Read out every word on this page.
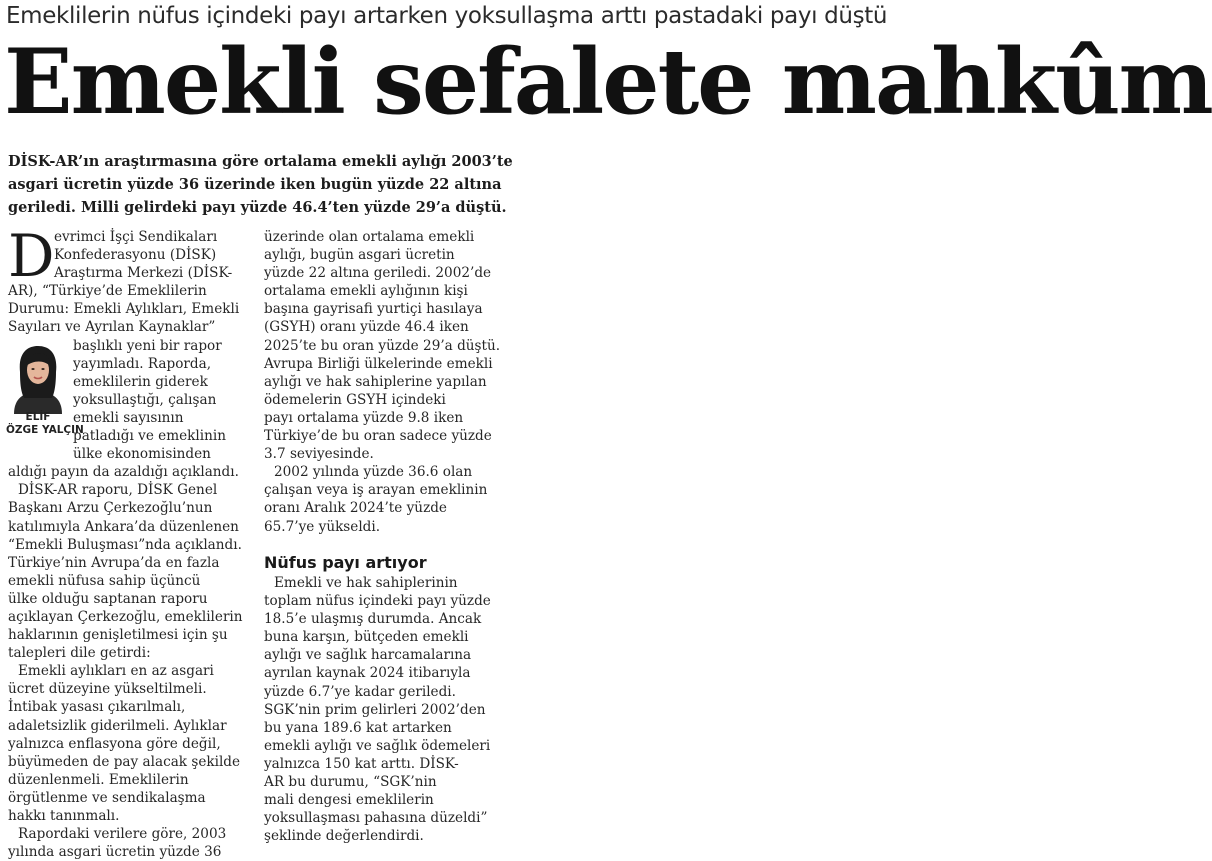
Emeklilerin nüfus içindeki payı artarken yoksullaşma arttı pastadaki payı düştü
Emekli sefalete mahkûm
DİSK-AR’ın araştırmasına göre ortalama emekli aylığı 2003’te
asgari ücretin yüzde 36 üzerinde iken bugün yüzde 22 altına
geriledi. Milli gelirdeki payı yüzde 46.4’ten yüzde 29’a düştü.
D
ELİF
ÖZGE YALÇIN
evrimci İşçi Sendikaları
Konfederasyonu (DİSK)
Araştırma Merkezi (DİSK-
AR), “Türkiye’de Emeklilerin
Durumu: Emekli Aylıkları, Emekli
Sayıları ve Ayrılan Kaynaklar”
başlıklı yeni bir rapor
yayımladı. Raporda,
emeklilerin giderek
yoksullaştığı, çalışan
emekli sayısının
patladığı ve emeklinin
ülke ekonomisinden
aldığı payın da azaldığı açıklandı.
DİSK-AR raporu, DİSK Genel
Başkanı Arzu Çerkezoğlu’nun
katılımıyla Ankara’da düzenlenen
“Emekli Buluşması”nda açıklandı.
Türkiye’nin Avrupa’da en fazla
emekli nüfusa sahip üçüncü
ülke olduğu saptanan raporu
açıklayan Çerkezoğlu, emeklilerin
haklarının genişletilmesi için şu
talepleri dile getirdi:
Emekli aylıkları en az asgari
ücret düzeyine yükseltilmeli.
İntibak yasası çıkarılmalı,
adaletsizlik giderilmeli. Aylıklar
yalnızca enflasyona göre değil,
büyümeden de pay alacak şekilde
düzenlenmeli. Emeklilerin
örgütlenme ve sendikalaşma
hakkı tanınmalı.
Rapordaki verilere göre, 2003
yılında asgari ücretin yüzde 36
üzerinde olan ortalama emekli
aylığı, bugün asgari ücretin
yüzde 22 altına geriledi. 2002’de
ortalama emekli aylığının kişi
başına gayrisafi yurtiçi hasılaya
(GSYH) oranı yüzde 46.4 iken
2025’te bu oran yüzde 29’a düştü.
Avrupa Birliği ülkelerinde emekli
aylığı ve hak sahiplerine yapılan
ödemelerin GSYH içindeki
payı ortalama yüzde 9.8 iken
Türkiye’de bu oran sadece yüzde
3.7 seviyesinde.
2002 yılında yüzde 36.6 olan
çalışan veya iş arayan emeklinin
oranı Aralık 2024’te yüzde
65.7’ye yükseldi.
Nüfus payı artıyor
Emekli ve hak sahiplerinin
toplam nüfus içindeki payı yüzde
18.5’e ulaşmış durumda. Ancak
buna karşın, bütçeden emekli
aylığı ve sağlık harcamalarına
ayrılan kaynak 2024 itibarıyla
yüzde 6.7’ye kadar geriledi.
SGK’nin prim gelirleri 2002’den
bu yana 189.6 kat artarken
emekli aylığı ve sağlık ödemeleri
yalnızca 150 kat arttı. DİSK-
AR bu durumu, “SGK’nin
mali dengesi emeklilerin
yoksullaşması pahasına düzeldi”
şeklinde değerlendirdi.
